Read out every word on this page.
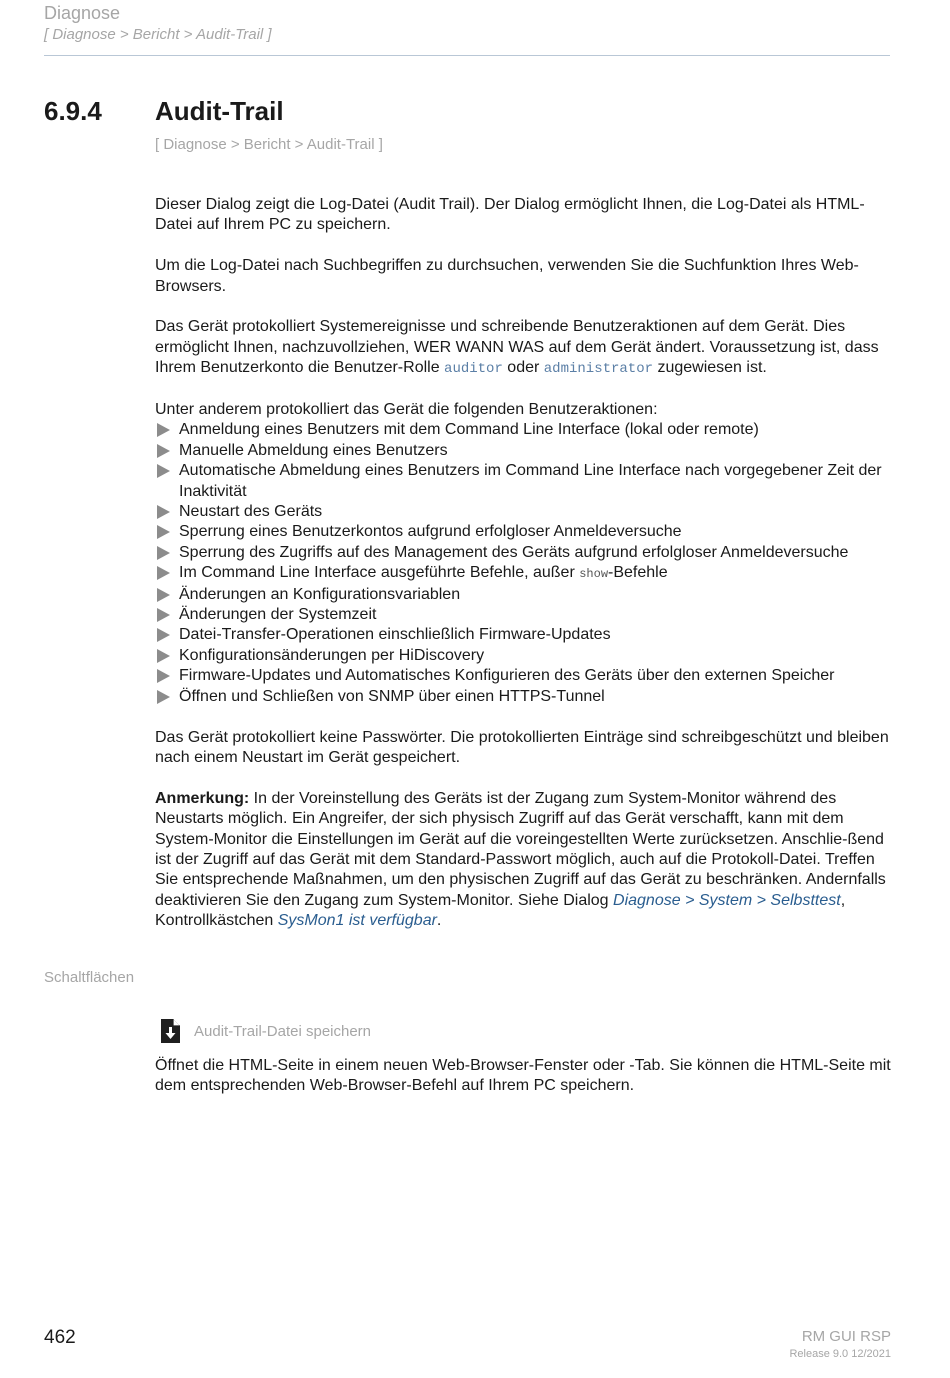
Diagnose
[ Diagnose > Bericht > Audit-Trail ]
6.9.4 Audit-Trail
[ Diagnose > Bericht > Audit-Trail ]

Dieser Dialog zeigt die Log-Datei (Audit Trail). Der Dialog ermöglicht Ihnen, die Log-Datei als HTML-Datei auf Ihrem PC zu speichern.

Um die Log-Datei nach Suchbegriffen zu durchsuchen, verwenden Sie die Suchfunktion Ihres Web-Browsers.

Das Gerät protokolliert Systemereignisse und schreibende Benutzeraktionen auf dem Gerät. Dies ermöglicht Ihnen, nachzuvollziehen, WER WANN WAS auf dem Gerät ändert. Voraussetzung ist, dass Ihrem Benutzerkonto die Benutzer-Rolle auditor oder administrator zugewiesen ist.

Unter anderem protokolliert das Gerät die folgenden Benutzeraktionen:
Anmeldung eines Benutzers mit dem Command Line Interface (lokal oder remote)
Manuelle Abmeldung eines Benutzers
Automatische Abmeldung eines Benutzers im Command Line Interface nach vorgegebener Zeit der Inaktivität
Neustart des Geräts
Sperrung eines Benutzerkontos aufgrund erfolgloser Anmeldeversuche
Sperrung des Zugriffs auf des Management des Geräts aufgrund erfolgloser Anmeldeversuche
Im Command Line Interface ausgeführte Befehle, außer show-Befehle
Änderungen an Konfigurationsvariablen
Änderungen der Systemzeit
Datei-Transfer-Operationen einschließlich Firmware-Updates
Konfigurationsänderungen per HiDiscovery
Firmware-Updates und Automatisches Konfigurieren des Geräts über den externen Speicher
Öffnen und Schließen von SNMP über einen HTTPS-Tunnel

Das Gerät protokolliert keine Passwörter. Die protokollierten Einträge sind schreibgeschützt und bleiben nach einem Neustart im Gerät gespeichert.

Anmerkung: In der Voreinstellung des Geräts ist der Zugang zum System-Monitor während des Neustarts möglich. Ein Angreifer, der sich physisch Zugriff auf das Gerät verschafft, kann mit dem System-Monitor die Einstellungen im Gerät auf die voreingestellten Werte zurücksetzen. Anschlie-ßend ist der Zugriff auf das Gerät mit dem Standard-Passwort möglich, auch auf die Protokoll-Datei. Treffen Sie entsprechende Maßnahmen, um den physischen Zugriff auf das Gerät zu beschränken. Andernfalls deaktivieren Sie den Zugang zum System-Monitor. Siehe Dialog Diagnose > System > Selbsttest, Kontrollkästchen SysMon1 ist verfügbar.

Schaltflächen
Audit-Trail-Datei speichern
Öffnet die HTML-Seite in einem neuen Web-Browser-Fenster oder -Tab. Sie können die HTML-Seite mit dem entsprechenden Web-Browser-Befehl auf Ihrem PC speichern.
462	RM GUI RSP
Release 9.0 12/2021
